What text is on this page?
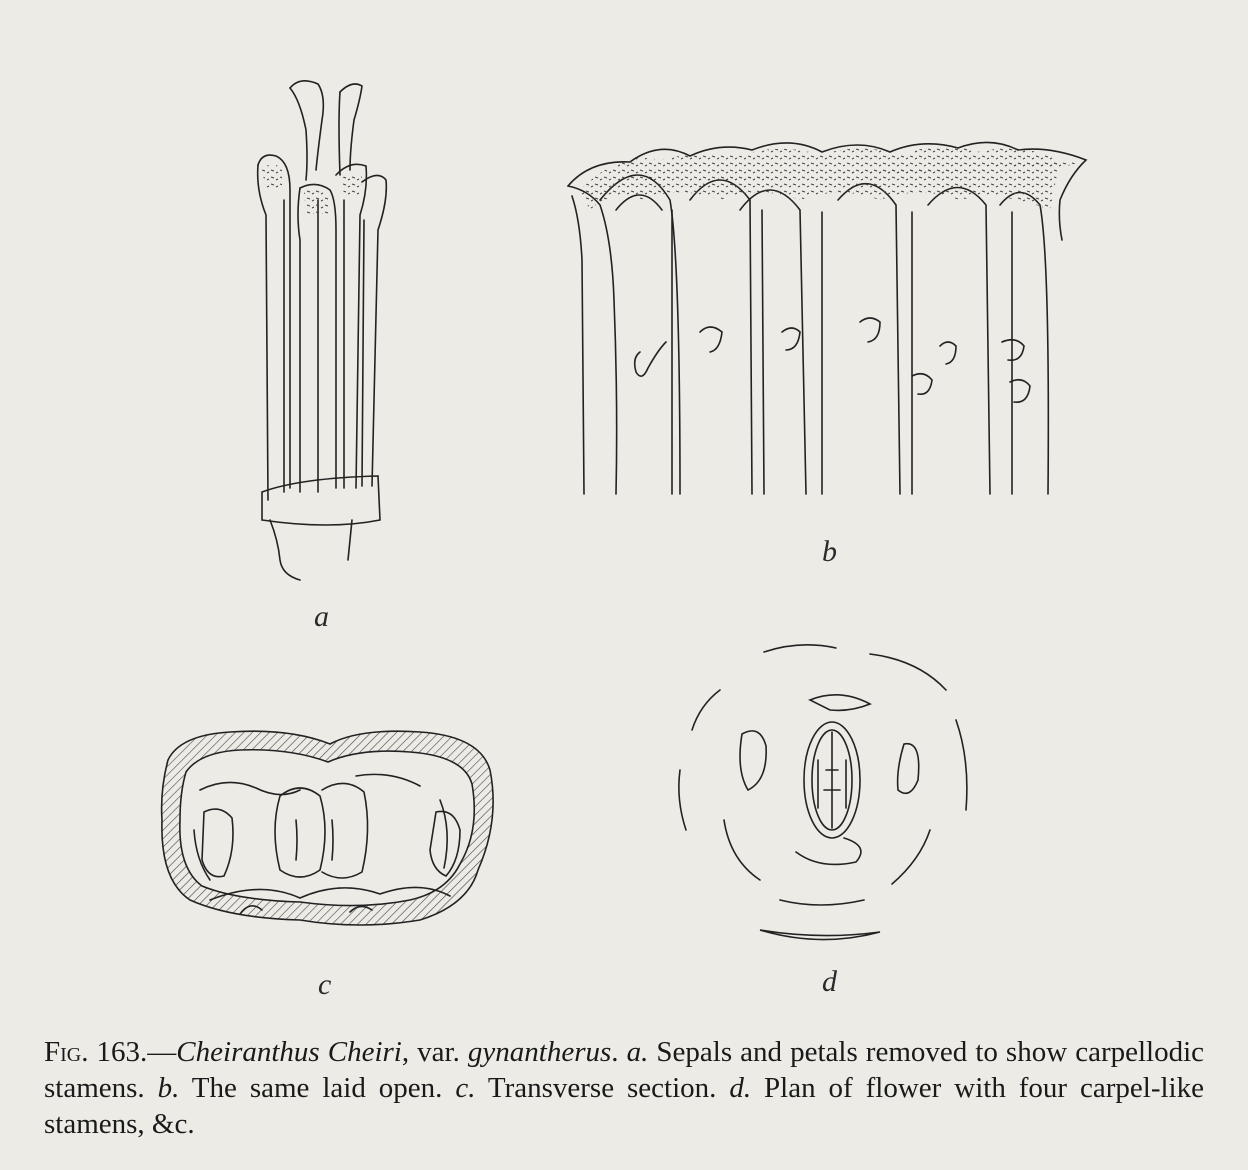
a
b
c	d
Fig. 163.—Cheiranthus Cheiri, var. gynantherus. a. Sepals and petals removed to show carpellodic stamens. b. The same laid open. c. Transverse section. d. Plan of flower with four carpel-like stamens, &c.
